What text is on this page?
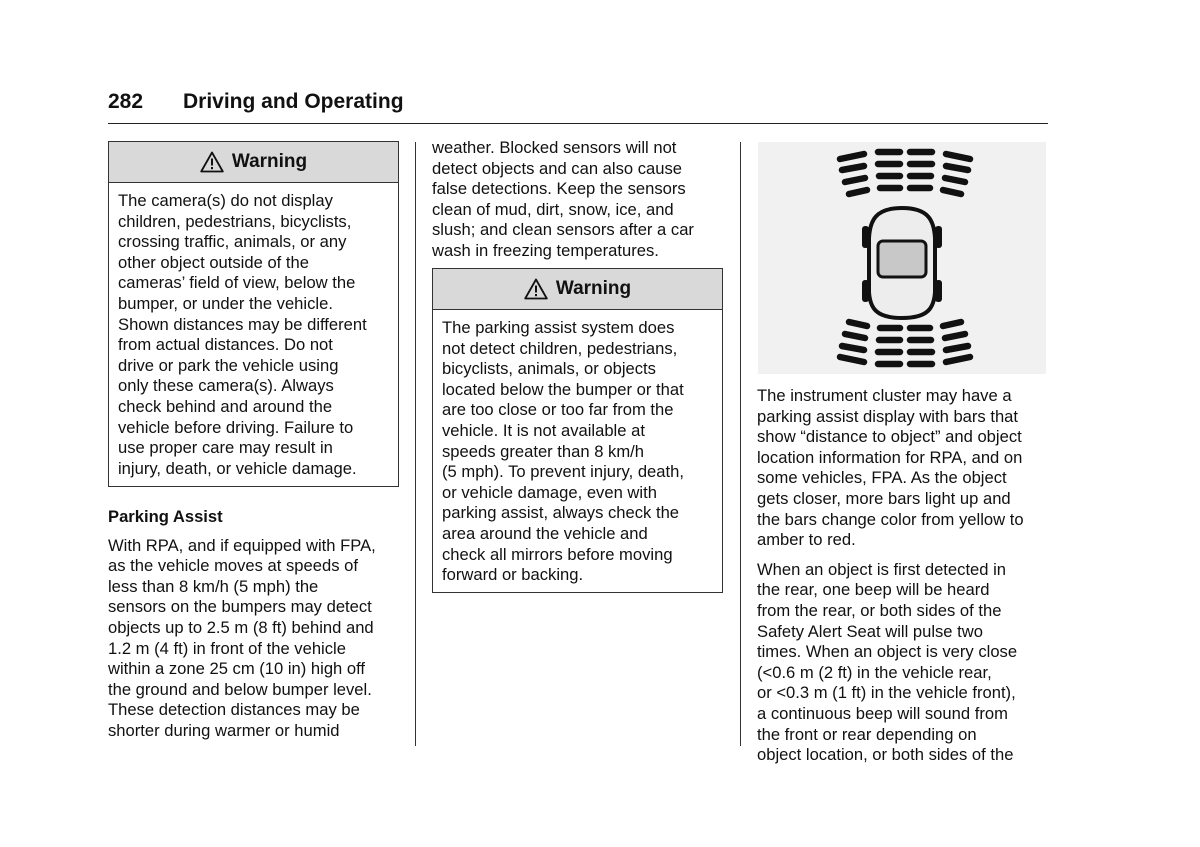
282 Driving and Operating
Warning
The camera(s) do not display
children, pedestrians, bicyclists,
crossing traffic, animals, or any
other object outside of the
cameras’ field of view, below the
bumper, or under the vehicle.
Shown distances may be different
from actual distances. Do not
drive or park the vehicle using
only these camera(s). Always
check behind and around the
vehicle before driving. Failure to
use proper care may result in
injury, death, or vehicle damage.
Parking Assist
With RPA, and if equipped with FPA,
as the vehicle moves at speeds of
less than 8 km/h (5 mph) the
sensors on the bumpers may detect
objects up to 2.5 m (8 ft) behind and
1.2 m (4 ft) in front of the vehicle
within a zone 25 cm (10 in) high off
the ground and below bumper level.
These detection distances may be
shorter during warmer or humid
weather. Blocked sensors will not
detect objects and can also cause
false detections. Keep the sensors
clean of mud, dirt, snow, ice, and
slush; and clean sensors after a car
wash in freezing temperatures.
Warning
The parking assist system does
not detect children, pedestrians,
bicyclists, animals, or objects
located below the bumper or that
are too close or too far from the
vehicle. It is not available at
speeds greater than 8 km/h
(5 mph). To prevent injury, death,
or vehicle damage, even with
parking assist, always check the
area around the vehicle and
check all mirrors before moving
forward or backing.
The instrument cluster may have a
parking assist display with bars that
show “distance to object” and object
location information for RPA, and on
some vehicles, FPA. As the object
gets closer, more bars light up and
the bars change color from yellow to
amber to red.
When an object is first detected in
the rear, one beep will be heard
from the rear, or both sides of the
Safety Alert Seat will pulse two
times. When an object is very close
(<0.6 m (2 ft) in the vehicle rear,
or <0.3 m (1 ft) in the vehicle front),
a continuous beep will sound from
the front or rear depending on
object location, or both sides of the
